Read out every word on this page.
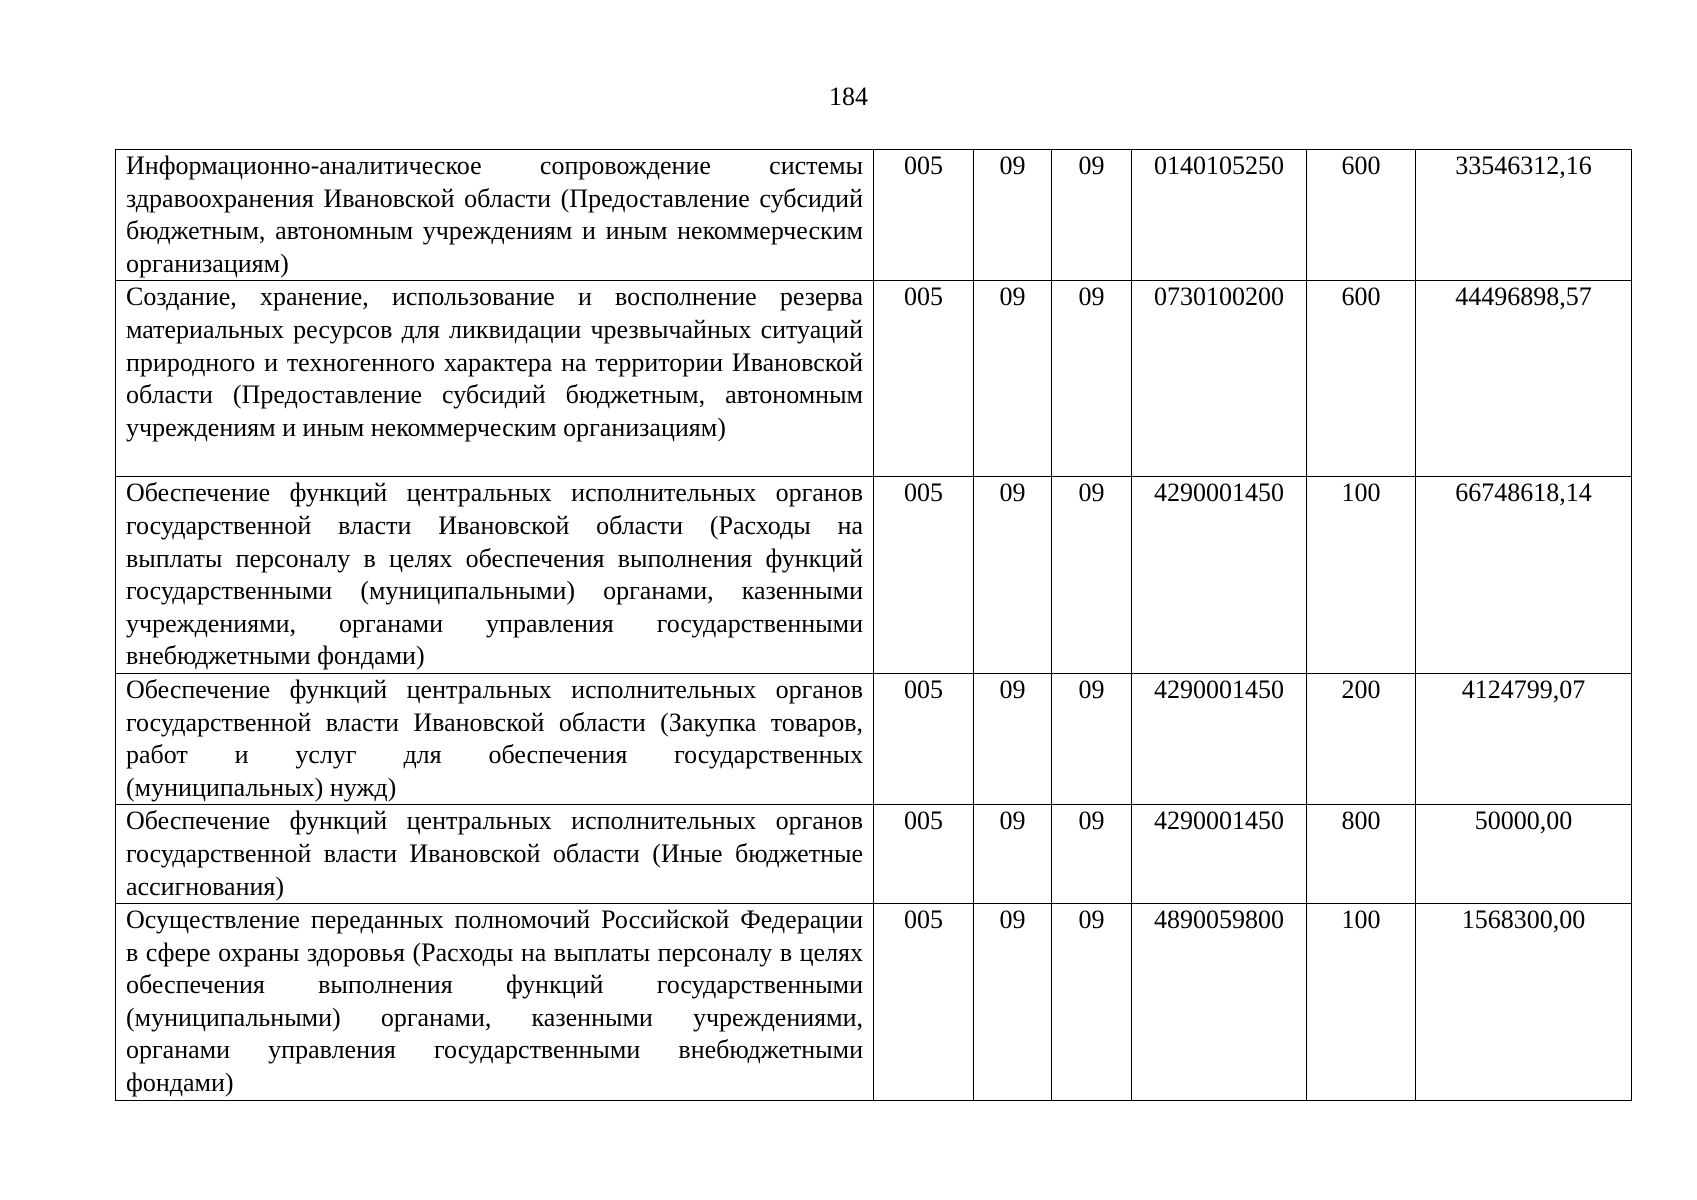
184
Информационно-аналитическое сопровождение системы здравоохранения Ивановской области (Предоставление субсидий бюджетным, автономным учреждениям и иным некоммерческим организациям)	005	09	09	0140105250	600	33546312,16
Создание, хранение, использование и восполнение резерва материальных ресурсов для ликвидации чрезвычайных ситуаций природного и техногенного характера на территории Ивановской области (Предоставление субсидий бюджетным, автономным учреждениям и иным некоммерческим организациям)	005	09	09	0730100200	600	44496898,57
Обеспечение функций центральных исполнительных органов государственной власти Ивановской области (Расходы на выплаты персоналу в целях обеспечения выполнения функций государственными (муниципальными) органами, казенными учреждениями, органами управления государственными внебюджетными фондами)	005	09	09	4290001450	100	66748618,14
Обеспечение функций центральных исполнительных органов государственной власти Ивановской области (Закупка товаров, работ и услуг для обеспечения государственных (муниципальных) нужд)	005	09	09	4290001450	200	4124799,07
Обеспечение функций центральных исполнительных органов государственной власти Ивановской области (Иные бюджетные ассигнования)	005	09	09	4290001450	800	50000,00
Осуществление переданных полномочий Российской Федерации в сфере охраны здоровья (Расходы на выплаты персоналу в целях обеспечения выполнения функций государственными (муниципальными) органами, казенными учреждениями, органами управления государственными внебюджетными фондами)	005	09	09	4890059800	100	1568300,00
